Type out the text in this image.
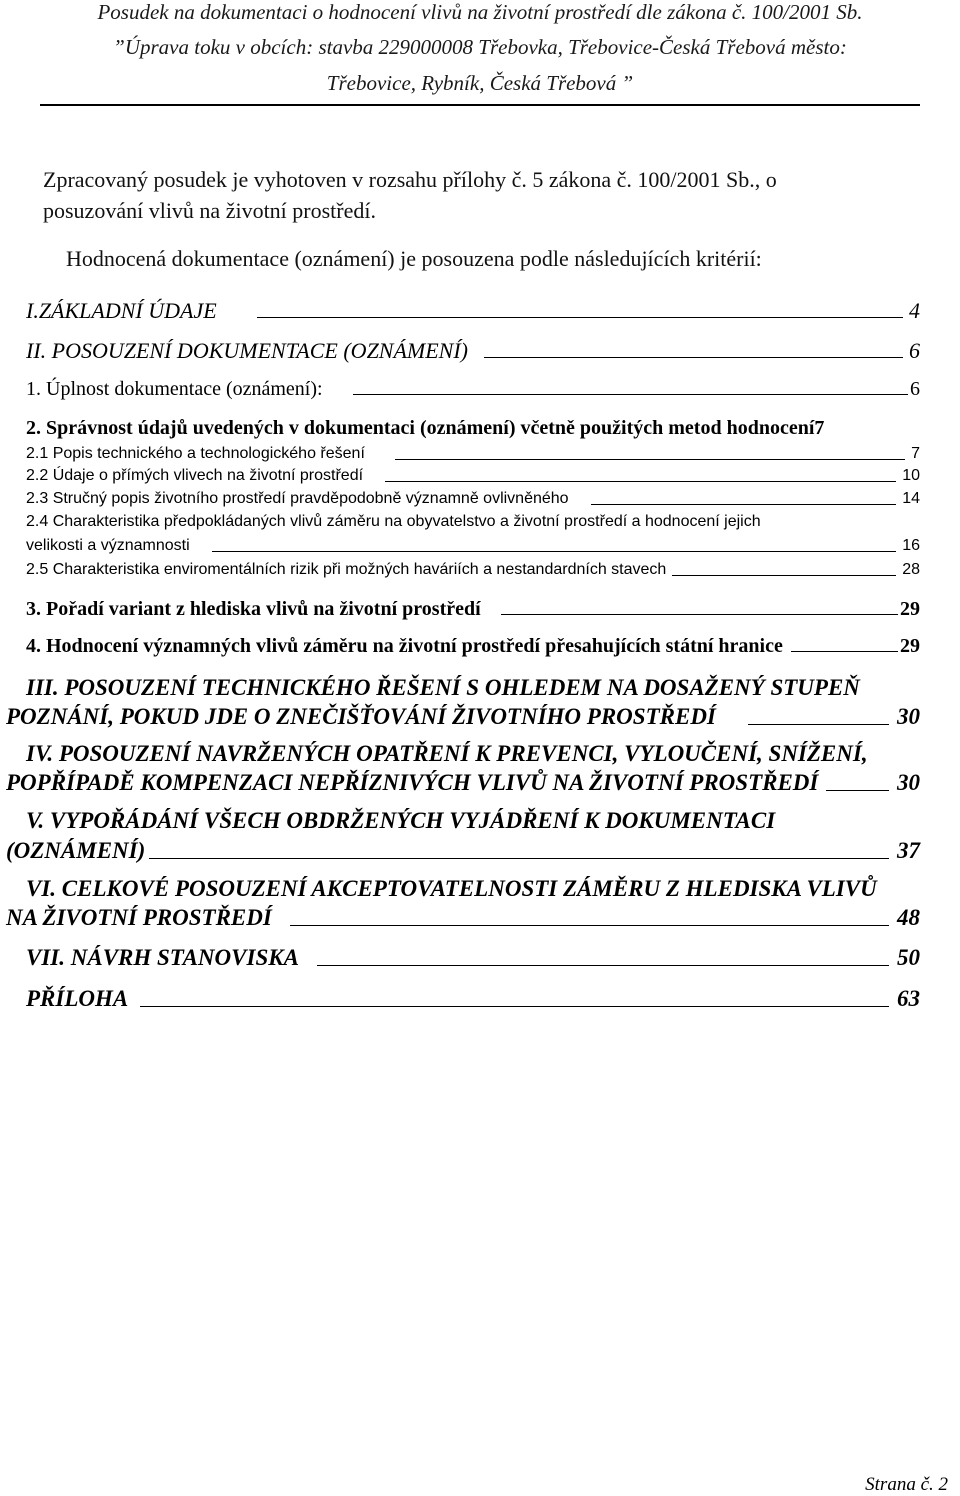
Posudek na dokumentaci o hodnocení vlivů na životní prostředí dle zákona č. 100/2001 Sb.
”Úprava toku v obcích: stavba 229000008 Třebovka, Třebovice-Česká Třebová město:
Třebovice, Rybník, Česká Třebová ”
Zpracovaný posudek je vyhotoven v rozsahu přílohy č. 5 zákona č. 100/2001 Sb., o
posuzování vlivů na životní prostředí.
Hodnocená dokumentace (oznámení) je posouzena podle následujících kritérií:
I.ZÁKLADNÍ ÚDAJE	4
II. POSOUZENÍ DOKUMENTACE (OZNÁMENÍ)	6
1. Úplnost dokumentace (oznámení):	6
2. Správnost údajů uvedených v dokumentaci (oznámení) včetně použitých metod hodnocení 7
2.1 Popis technického a technologického řešení	7
2.2 Údaje o přímých vlivech na životní prostředí	10
2.3 Stručný popis životního prostředí pravděpodobně významně ovlivněného	14
2.4 Charakteristika předpokládaných vlivů záměru na obyvatelstvo a životní prostředí a hodnocení jejich
velikosti a významnosti	16
2.5 Charakteristika enviromentálních rizik při možných haváriích a nestandardních stavech	28
3. Pořadí variant z hlediska vlivů na životní prostředí	29
4. Hodnocení významných vlivů záměru na životní prostředí přesahujících státní hranice	29
III. POSOUZENÍ TECHNICKÉHO ŘEŠENÍ S OHLEDEM NA DOSAŽENÝ STUPEŇ
POZNÁNÍ, POKUD JDE O ZNEČIŠŤOVÁNÍ ŽIVOTNÍHO PROSTŘEDÍ	30
IV. POSOUZENÍ NAVRŽENÝCH OPATŘENÍ K PREVENCI, VYLOUČENÍ, SNÍŽENÍ,
POPŘÍPADĚ KOMPENZACI NEPŘÍZNIVÝCH VLIVŮ NA ŽIVOTNÍ PROSTŘEDÍ	30
V. VYPOŘÁDÁNÍ VŠECH OBDRŽENÝCH VYJÁDŘENÍ K DOKUMENTACI
(OZNÁMENÍ)	37
VI. CELKOVÉ POSOUZENÍ AKCEPTOVATELNOSTI ZÁMĚRU Z HLEDISKA VLIVŮ
NA ŽIVOTNÍ PROSTŘEDÍ	48
VII. NÁVRH STANOVISKA	50
PŘÍLOHA	63
Strana č. 2
